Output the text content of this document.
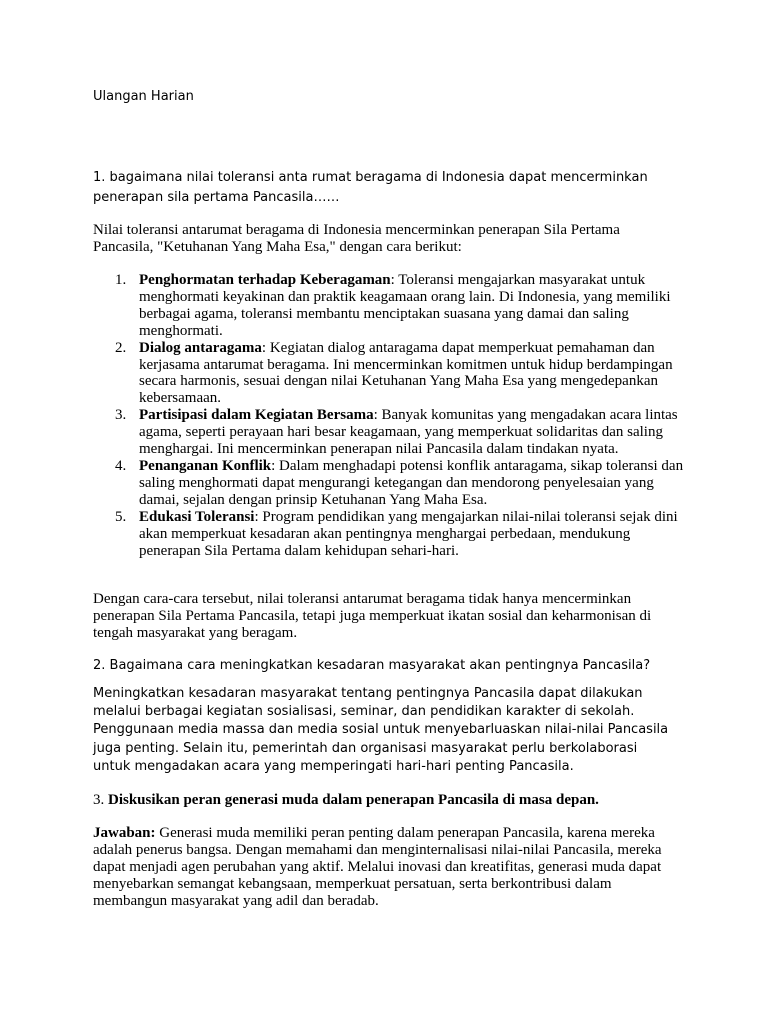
Ulangan Harian

1. bagaimana nilai toleransi anta rumat beragama di Indonesia dapat mencerminkan penerapan sila pertama Pancasila……

Nilai toleransi antarumat beragama di Indonesia mencerminkan penerapan Sila Pertama Pancasila, "Ketuhanan Yang Maha Esa," dengan cara berikut:

1. Penghormatan terhadap Keberagaman: Toleransi mengajarkan masyarakat untuk menghormati keyakinan dan praktik keagamaan orang lain. Di Indonesia, yang memiliki berbagai agama, toleransi membantu menciptakan suasana yang damai dan saling menghormati.
2. Dialog antaragama: Kegiatan dialog antaragama dapat memperkuat pemahaman dan kerjasama antarumat beragama. Ini mencerminkan komitmen untuk hidup berdampingan secara harmonis, sesuai dengan nilai Ketuhanan Yang Maha Esa yang mengedepankan kebersamaan.
3. Partisipasi dalam Kegiatan Bersama: Banyak komunitas yang mengadakan acara lintas agama, seperti perayaan hari besar keagamaan, yang memperkuat solidaritas dan saling menghargai. Ini mencerminkan penerapan nilai Pancasila dalam tindakan nyata.
4. Penanganan Konflik: Dalam menghadapi potensi konflik antaragama, sikap toleransi dan saling menghormati dapat mengurangi ketegangan dan mendorong penyelesaian yang damai, sejalan dengan prinsip Ketuhanan Yang Maha Esa.
5. Edukasi Toleransi: Program pendidikan yang mengajarkan nilai-nilai toleransi sejak dini akan memperkuat kesadaran akan pentingnya menghargai perbedaan, mendukung penerapan Sila Pertama dalam kehidupan sehari-hari.

Dengan cara-cara tersebut, nilai toleransi antarumat beragama tidak hanya mencerminkan penerapan Sila Pertama Pancasila, tetapi juga memperkuat ikatan sosial dan keharmonisan di tengah masyarakat yang beragam.

2. Bagaimana cara meningkatkan kesadaran masyarakat akan pentingnya Pancasila?

Meningkatkan kesadaran masyarakat tentang pentingnya Pancasila dapat dilakukan melalui berbagai kegiatan sosialisasi, seminar, dan pendidikan karakter di sekolah. Penggunaan media massa dan media sosial untuk menyebarluaskan nilai-nilai Pancasila juga penting. Selain itu, pemerintah dan organisasi masyarakat perlu berkolaborasi untuk mengadakan acara yang memperingati hari-hari penting Pancasila.

3. Diskusikan peran generasi muda dalam penerapan Pancasila di masa depan.

Jawaban: Generasi muda memiliki peran penting dalam penerapan Pancasila, karena mereka adalah penerus bangsa. Dengan memahami dan menginternalisasi nilai-nilai Pancasila, mereka dapat menjadi agen perubahan yang aktif. Melalui inovasi dan kreatifitas, generasi muda dapat menyebarkan semangat kebangsaan, memperkuat persatuan, serta berkontribusi dalam membangun masyarakat yang adil dan beradab.
